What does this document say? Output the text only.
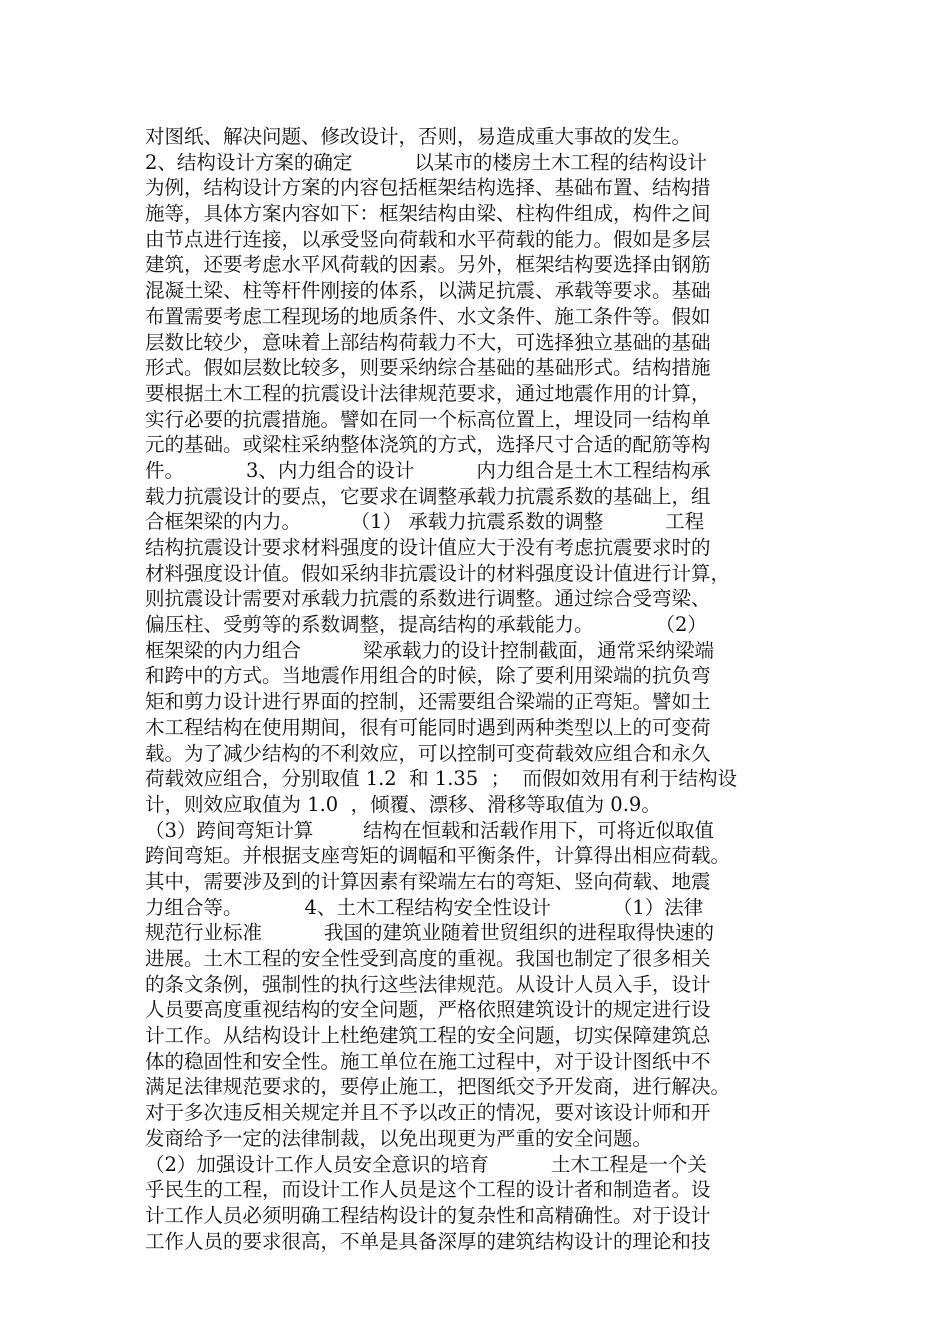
对图纸、解决问题、修改设计，否则，易造成重大事故的发生。
2、结构设计方案的确定          以某市的楼房土木工程的结构设计
为例，结构设计方案的内容包括框架结构选择、基础布置、结构措
施等，具体方案内容如下：框架结构由梁、柱构件组成，构件之间
由节点进行连接，以承受竖向荷载和水平荷载的能力。假如是多层
建筑，还要考虑水平风荷载的因素。另外，框架结构要选择由钢筋
混凝土梁、柱等杆件刚接的体系，以满足抗震、承载等要求。基础
布置需要考虑工程现场的地质条件、水文条件、施工条件等。假如
层数比较少，意味着上部结构荷载力不大，可选择独立基础的基础
形式。假如层数比较多，则要采纳综合基础的基础形式。结构措施
要根据土木工程的抗震设计法律规范要求，通过地震作用的计算，
实行必要的抗震措施。譬如在同一个标高位置上，埋设同一结构单
元的基础。或梁柱采纳整体浇筑的方式，选择尺寸合适的配筋等构
件。          3、内力组合的设计          内力组合是土木工程结构承
载力抗震设计的要点，它要求在调整承载力抗震系数的基础上，组
合框架梁的内力。        （1） 承载力抗震系数的调整          工程
结构抗震设计要求材料强度的设计值应大于没有考虑抗震要求时的
材料强度设计值。假如采纳非抗震设计的材料强度设计值进行计算，
则抗震设计需要对承载力抗震的系数进行调整。通过综合受弯梁、
偏压柱、受剪等的系数调整，提高结构的承载能力。          （2）
框架梁的内力组合          梁承载力的设计控制截面，通常采纳梁端
和跨中的方式。当地震作用组合的时候，除了要利用梁端的抗负弯
矩和剪力设计进行界面的控制，还需要组合梁端的正弯矩。譬如土
木工程结构在使用期间，很有可能同时遇到两种类型以上的可变荷
载。为了减少结构的不利效应，可以控制可变荷载效应组合和永久
荷载效应组合，分别取值 1.2  和 1.35  ；  而假如效用有利于结构设
计，则效应取值为 1.0  ，倾覆、漂移、滑移等取值为 0.9。
（3）跨间弯矩计算        结构在恒载和活载作用下，可将近似取值
跨间弯矩。并根据支座弯矩的调幅和平衡条件，计算得出相应荷载。
其中，需要涉及到的计算因素有梁端左右的弯矩、竖向荷载、地震
力组合等。          4、土木工程结构安全性设计          （1）法律
规范行业标准          我国的建筑业随着世贸组织的进程取得快速的
进展。土木工程的安全性受到高度的重视。我国也制定了很多相关
的条文条例，强制性的执行这些法律规范。从设计人员入手，设计
人员要高度重视结构的安全问题，严格依照建筑设计的规定进行设
计工作。从结构设计上杜绝建筑工程的安全问题，切实保障建筑总
体的稳固性和安全性。施工单位在施工过程中，对于设计图纸中不
满足法律规范要求的，要停止施工，把图纸交予开发商，进行解决。
对于多次违反相关规定并且不予以改正的情况，要对该设计师和开
发商给予一定的法律制裁，以免出现更为严重的安全问题。
（2）加强设计工作人员安全意识的培育          土木工程是一个关
乎民生的工程，而设计工作人员是这个工程的设计者和制造者。设
计工作人员必须明确工程结构设计的复杂性和高精确性。对于设计
工作人员的要求很高，不单是具备深厚的建筑结构设计的理论和技
